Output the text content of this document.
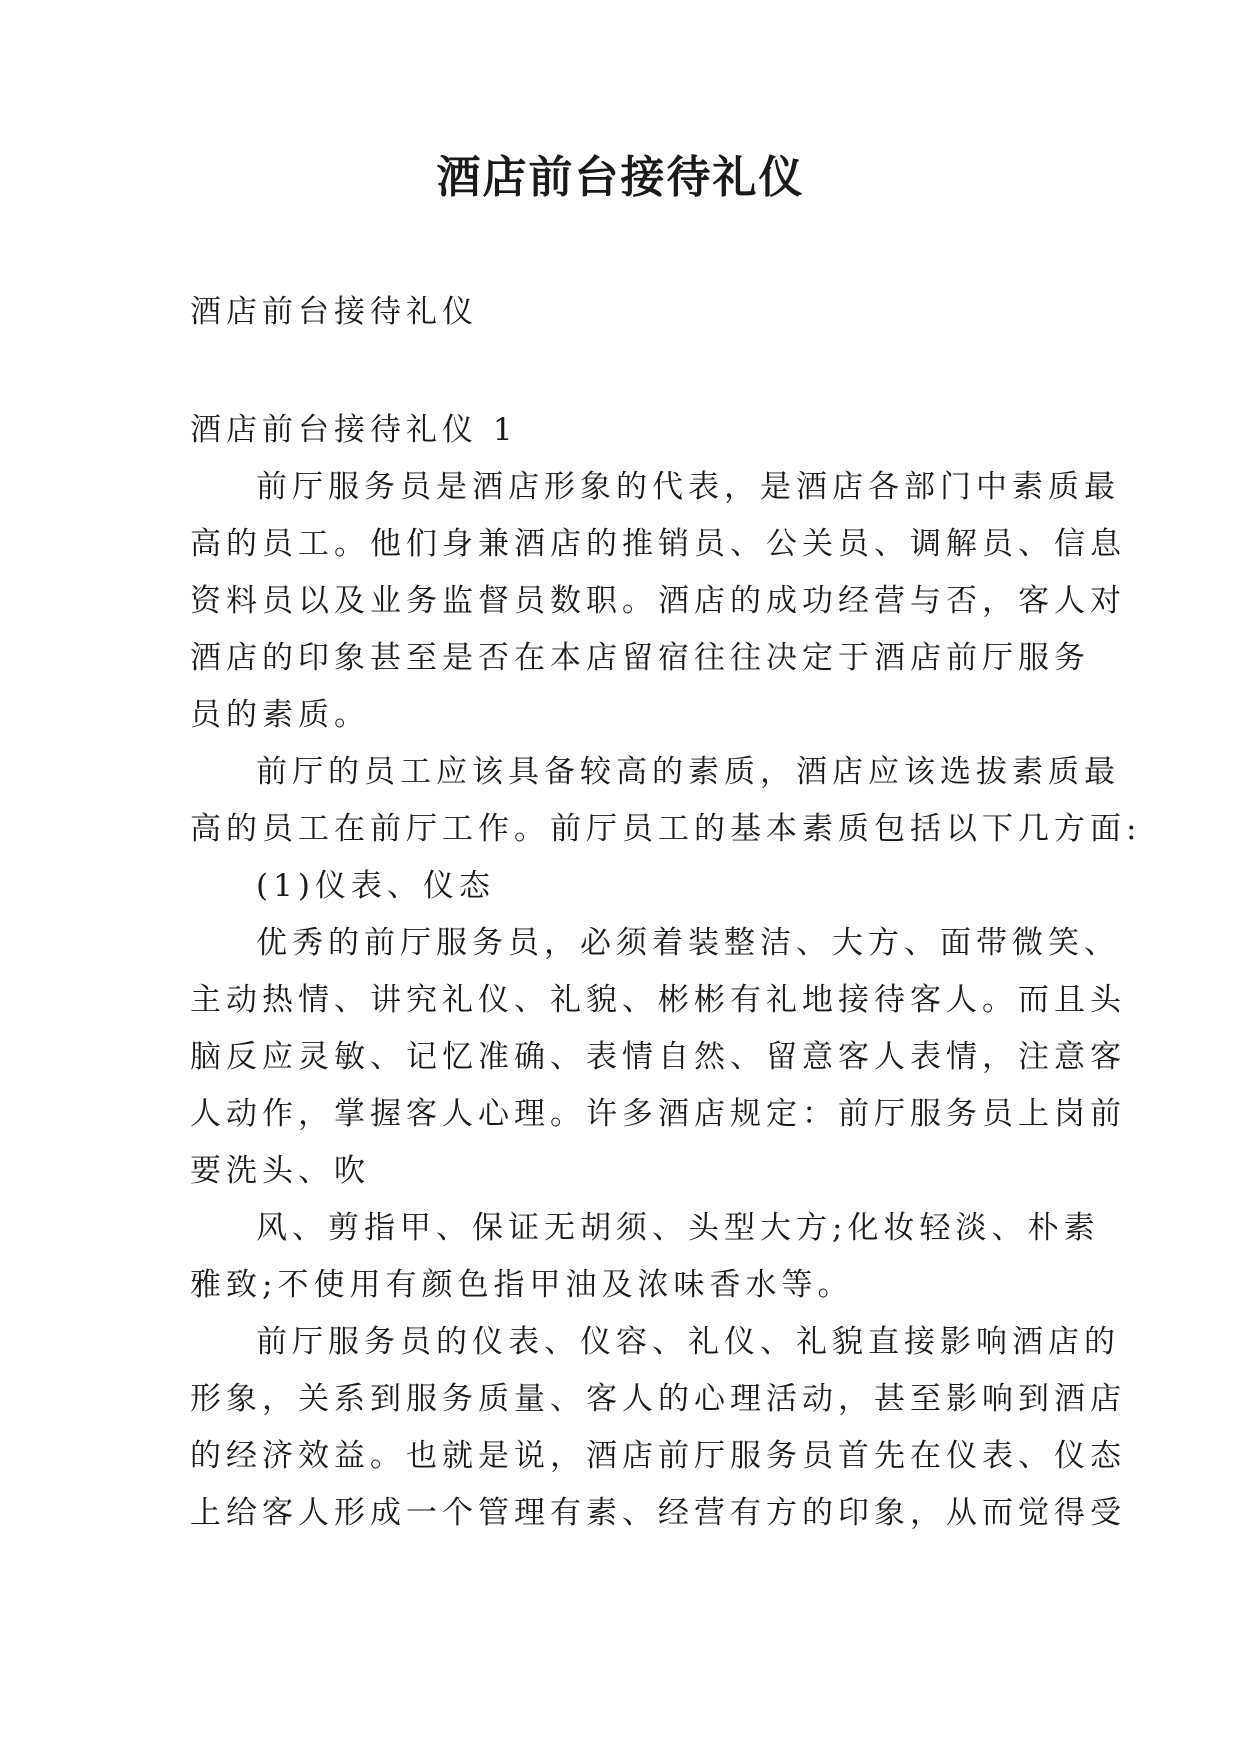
酒店前台接待礼仪
酒店前台接待礼仪
酒店前台接待礼仪 1
前厅服务员是酒店形象的代表，是酒店各部门中素质最
高的员工。他们身兼酒店的推销员、公关员、调解员、信息
资料员以及业务监督员数职。酒店的成功经营与否，客人对
酒店的印象甚至是否在本店留宿往往决定于酒店前厅服务
员的素质。
前厅的员工应该具备较高的素质，酒店应该选拔素质最
高的员工在前厅工作。前厅员工的基本素质包括以下几方面:
(1)仪表、仪态
优秀的前厅服务员，必须着装整洁、大方、面带微笑、
主动热情、讲究礼仪、礼貌、彬彬有礼地接待客人。而且头
脑反应灵敏、记忆准确、表情自然、留意客人表情，注意客
人动作，掌握客人心理。许多酒店规定：前厅服务员上岗前
要洗头、吹
风、剪指甲、保证无胡须、头型大方;化妆轻淡、朴素
雅致;不使用有颜色指甲油及浓味香水等。
前厅服务员的仪表、仪容、礼仪、礼貌直接影响酒店的
形象，关系到服务质量、客人的心理活动，甚至影响到酒店
的经济效益。也就是说，酒店前厅服务员首先在仪表、仪态
上给客人形成一个管理有素、经营有方的印象，从而觉得受
